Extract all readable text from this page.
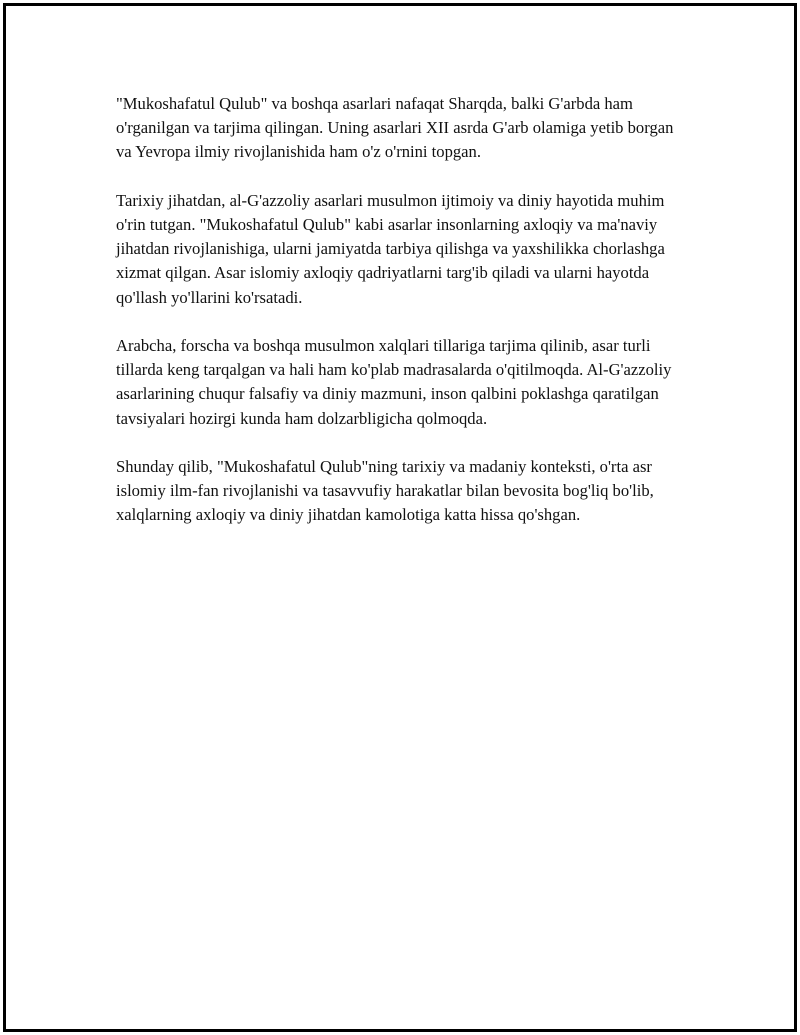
"Mukoshafatul Qulub" va boshqa asarlari nafaqat Sharqda, balki G'arbda ham o'rganilgan va tarjima qilingan. Uning asarlari XII asrda G'arb olamiga yetib borgan va Yevropa ilmiy rivojlanishida ham o'z o'rnini topgan.

Tarixiy jihatdan, al-G'azzoliy asarlari musulmon ijtimoiy va diniy hayotida muhim o'rin tutgan. "Mukoshafatul Qulub" kabi asarlar insonlarning axloqiy va ma'naviy jihatdan rivojlanishiga, ularni jamiyatda tarbiya qilishga va yaxshilikka chorlashga xizmat qilgan. Asar islomiy axloqiy qadriyatlarni targ'ib qiladi va ularni hayotda qo'llash yo'llarini ko'rsatadi.

Arabcha, forscha va boshqa musulmon xalqlari tillariga tarjima qilinib, asar turli tillarda keng tarqalgan va hali ham ko'plab madrasalarda o'qitilmoqda. Al-G'azzoliy asarlarining chuqur falsafiy va diniy mazmuni, inson qalbini poklashga qaratilgan tavsiyalari hozirgi kunda ham dolzarbligicha qolmoqda.

Shunday qilib, "Mukoshafatul Qulub"ning tarixiy va madaniy konteksti, o'rta asr islomiy ilm-fan rivojlanishi va tasavvufiy harakatlar bilan bevosita bog'liq bo'lib, xalqlarning axloqiy va diniy jihatdan kamolotiga katta hissa qo'shgan.
